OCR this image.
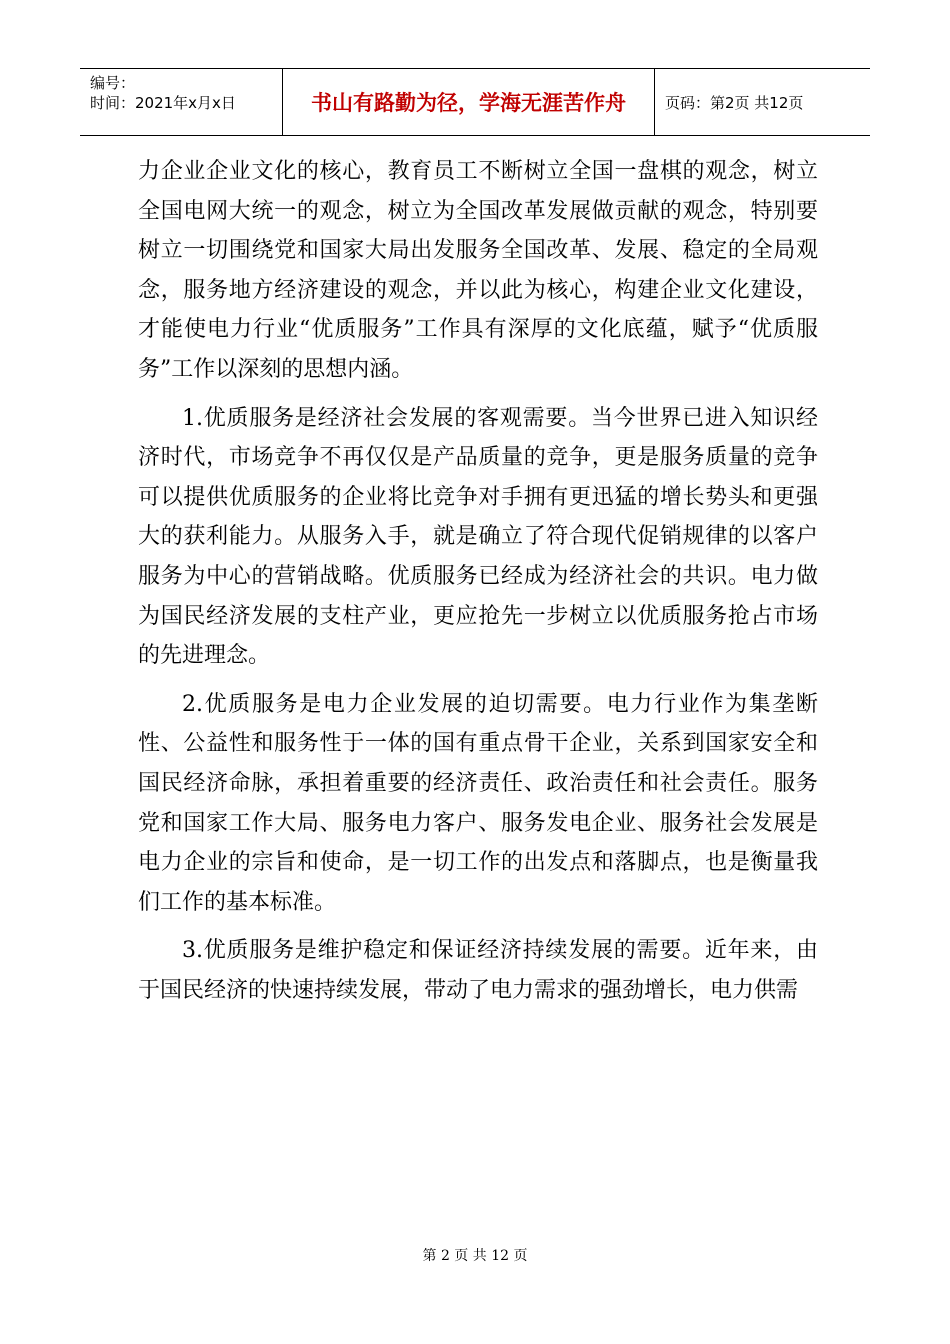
编号：
时间：2021年x月x日	书山有路勤为径，学海无涯苦作舟	页码：第2页 共12页

力企业企业文化的核心，教育员工不断树立全国一盘棋的观念，树立全国电网大统一的观念，树立为全国改革发展做贡献的观念，特别要树立一切围绕党和国家大局出发服务全国改革、发展、稳定的全局观念，服务地方经济建设的观念，并以此为核心，构建企业文化建设，才能使电力行业“优质服务”工作具有深厚的文化底蕴，赋予“优质服务”工作以深刻的思想内涵。

1.优质服务是经济社会发展的客观需要。当今世界已进入知识经济时代，市场竞争不再仅仅是产品质量的竞争，更是服务质量的竞争可以提供优质服务的企业将比竞争对手拥有更迅猛的增长势头和更强大的获利能力。从服务入手，就是确立了符合现代促销规律的以客户服务为中心的营销战略。优质服务已经成为经济社会的共识。电力做为国民经济发展的支柱产业，更应抢先一步树立以优质服务抢占市场的先进理念。

2.优质服务是电力企业发展的迫切需要。电力行业作为集垄断性、公益性和服务性于一体的国有重点骨干企业，关系到国家安全和国民经济命脉，承担着重要的经济责任、政治责任和社会责任。服务党和国家工作大局、服务电力客户、服务发电企业、服务社会发展是电力企业的宗旨和使命，是一切工作的出发点和落脚点，也是衡量我们工作的基本标准。

3.优质服务是维护稳定和保证经济持续发展的需要。近年来，由于国民经济的快速持续发展，带动了电力需求的强劲增长，电力供需

第 2 页 共 12 页
